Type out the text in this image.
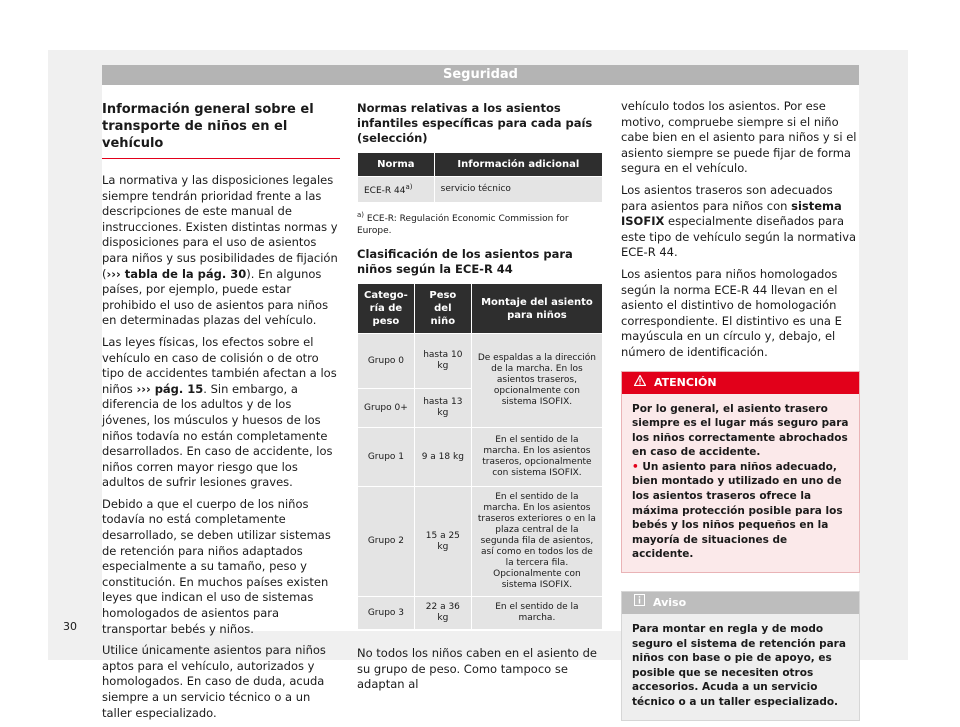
Seguridad
Información general sobre el transporte de niños en el vehículo

La normativa y las disposiciones legales siempre tendrán prioridad frente a las descripciones de este manual de instrucciones. Existen distintas normas y disposiciones para el uso de asientos para niños y sus posibilidades de fijación (››› tabla de la pág. 30). En algunos países, por ejemplo, puede estar prohibido el uso de asientos para niños en determinadas plazas del vehículo.

Las leyes físicas, los efectos sobre el vehículo en caso de colisión o de otro tipo de accidentes también afectan a los niños ››› pág. 15. Sin embargo, a diferencia de los adultos y de los jóvenes, los músculos y huesos de los niños todavía no están completamente desarrollados. En caso de accidente, los niños corren mayor riesgo que los adultos de sufrir lesiones graves.

Debido a que el cuerpo de los niños todavía no está completamente desarrollado, se deben utilizar sistemas de retención para niños adaptados especialmente a su tamaño, peso y constitución. En muchos países existen leyes que indican el uso de sistemas homologados de asientos para transportar bebés y niños.

Utilice únicamente asientos para niños aptos para el vehículo, autorizados y homologados. En caso de duda, acuda siempre a un servicio técnico o a un taller especializado.

Normas relativas a los asientos infantiles específicas para cada país (selección)
Norma	Información adicional
ECE-R 44$^{a)}$	servicio técnico

$^{a)}$ ECE-R: Regulación Economic Commission for Europe.

Clasificación de los asientos para niños según la ECE-R 44
Catego-ría de peso	Peso del niño	Montaje del asiento para niños
Grupo 0	hasta 10 kg	De espaldas a la dirección de la marcha. En los asientos traseros, opcionalmente con sistema ISOFIX.
Grupo 0+	hasta 13 kg	
Grupo 1	9 a 18 kg	En el sentido de la marcha. En los asientos traseros, opcionalmente con sistema ISOFIX.
Grupo 2	15 a 25 kg	En el sentido de la marcha. En los asientos traseros exteriores o en la plaza central de la segunda fila de asientos, así como en todos los de la tercera fila. Opcionalmente con sistema ISOFIX.
Grupo 3	22 a 36 kg	En el sentido de la marcha.

No todos los niños caben en el asiento de su grupo de peso. Como tampoco se adaptan al

vehículo todos los asientos. Por ese motivo, compruebe siempre si el niño cabe bien en el asiento para niños y si el asiento siempre se puede fijar de forma segura en el vehículo.

Los asientos traseros son adecuados para asientos para niños con sistema ISOFIX especialmente diseñados para este tipo de vehículo según la normativa ECE-R 44.

Los asientos para niños homologados según la norma ECE-R 44 llevan en el asiento el distintivo de homologación correspondiente. El distintivo es una E mayúscula en un círculo y, debajo, el número de identificación.

ATENCIÓN
Por lo general, el asiento trasero siempre es el lugar más seguro para los niños correctamente abrochados en caso de accidente.
• Un asiento para niños adecuado, bien montado y utilizado en uno de los asientos traseros ofrece la máxima protección posible para los bebés y los niños pequeños en la mayoría de situaciones de accidente.
Aviso
Para montar en regla y de modo seguro el sistema de retención para niños con base o pie de apoyo, es posible que se necesiten otros accesorios. Acuda a un servicio técnico o a un taller especializado.
30
